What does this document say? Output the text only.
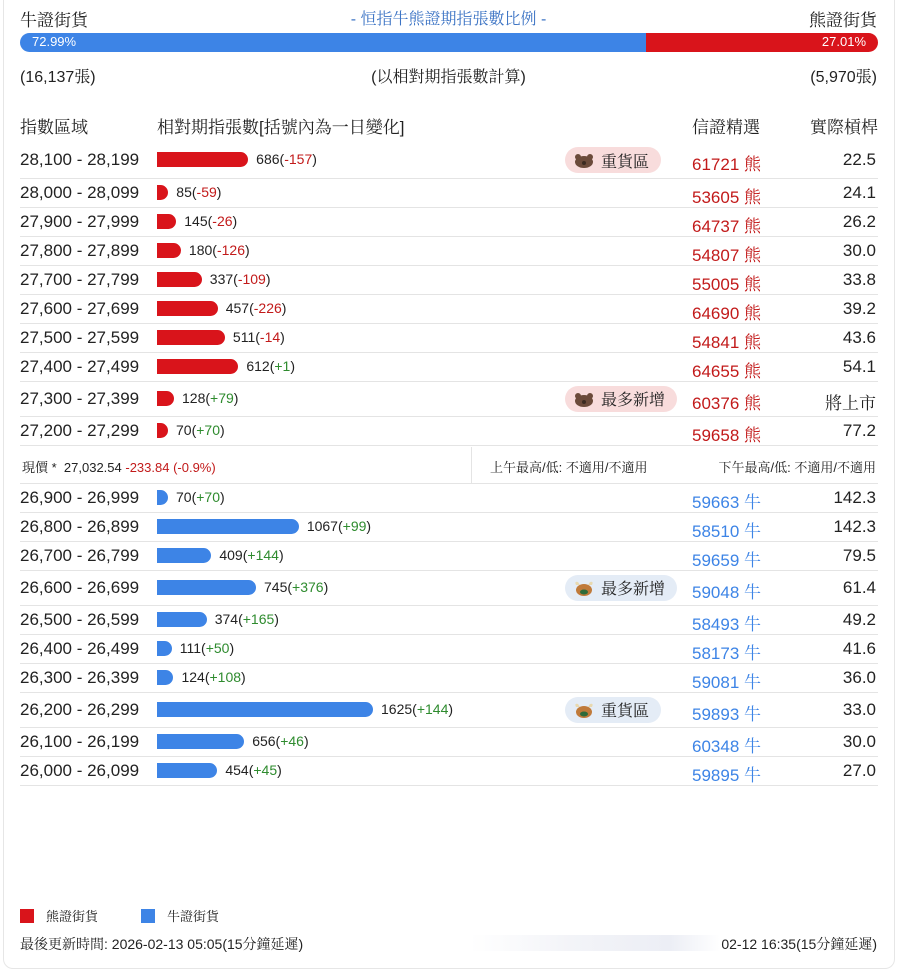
牛證街貨	- 恒指牛熊證期指張數比例 -	熊證街貨
72.99%	27.01%
(16,137張)	(以相對期指張數計算)	(5,970張)
指數區域	相對期指張數[括號內為一日變化]	信證精選	實際槓桿
28,100 - 28,199	686(-157)	重貨區	61721 熊	22.5
28,000 - 28,099	85(-59)	53605 熊	24.1
27,900 - 27,999	145(-26)	64737 熊	26.2
27,800 - 27,899	180(-126)	54807 熊	30.0
27,700 - 27,799	337(-109)	55005 熊	33.8
27,600 - 27,699	457(-226)	64690 熊	39.2
27,500 - 27,599	511(-14)	54841 熊	43.6
27,400 - 27,499	612(+1)	64655 熊	54.1
27,300 - 27,399	128(+79)	最多新增 60376 熊	將上市
27,200 - 27,299	70(+70)	59658 熊	77.2
現價 * 27,032.54 -233.84 (-0.9%)	上午最高/低: 不適用/不適用	下午最高/低: 不適用/不適用
26,900 - 26,999	70(+70)	59663 牛	142.3
26,800 - 26,899	1067(+99)	58510 牛	142.3
26,700 - 26,799	409(+144)	59659 牛	79.5
26,600 - 26,699	745(+376)	最多新增 59048 牛	61.4
26,500 - 26,599	374(+165)	58493 牛	49.2
26,400 - 26,499	111(+50)	58173 牛	41.6
26,300 - 26,399	124(+108)	59081 牛	36.0
26,200 - 26,299	1625(+144)	重貨區	59893 牛	33.0
26,100 - 26,199	656(+46)	60348 牛	30.0
26,000 - 26,099	454(+45)	59895 牛	27.0
熊證街貨	牛證街貨
最後更新時間: 2026-02-13 05:05(15分鐘延遲)	02-12 16:35(15分鐘延遲)
